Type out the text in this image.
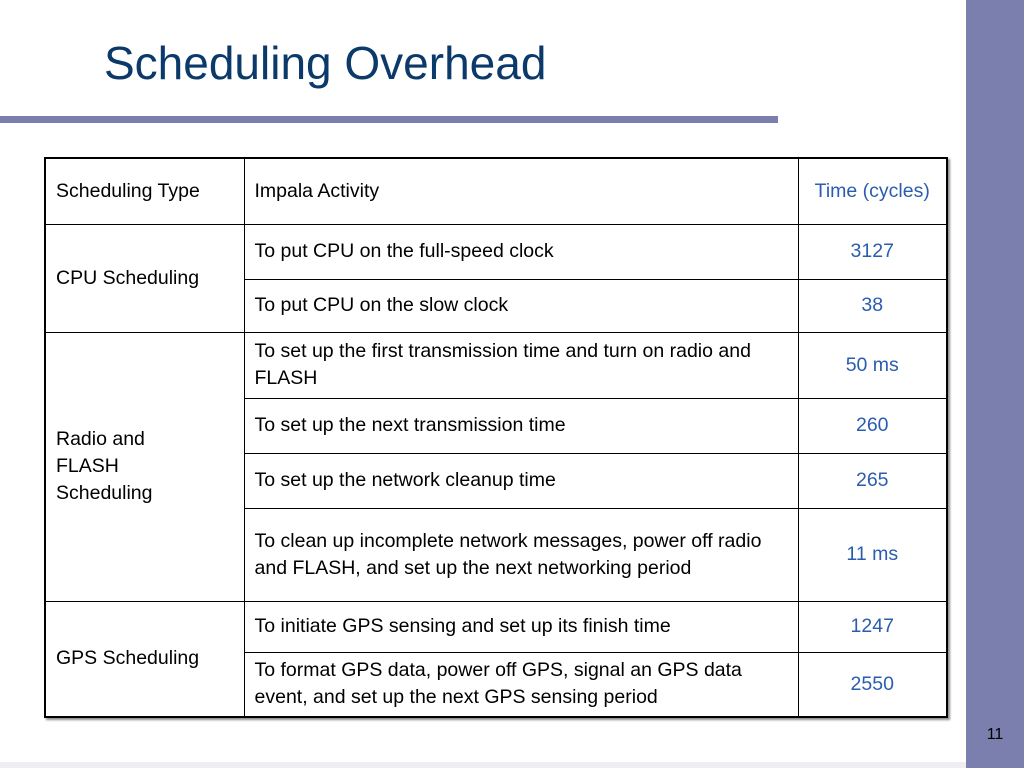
Scheduling Overhead
Scheduling Type	Impala Activity	Time (cycles)
CPU Scheduling	To put CPU on the full-speed clock	3127
	To put CPU on the slow clock	38
Radio and FLASH Scheduling	To set up the first transmission time and turn on radio and FLASH	50 ms
	To set up the next transmission time	260
	To set up the network cleanup time	265
	To clean up incomplete network messages, power off radio and FLASH, and set up the next networking period	11 ms
GPS Scheduling	To initiate GPS sensing and set up its finish time	1247
	To format GPS data, power off GPS, signal an GPS data event, and set up the next GPS sensing period	2550
11
